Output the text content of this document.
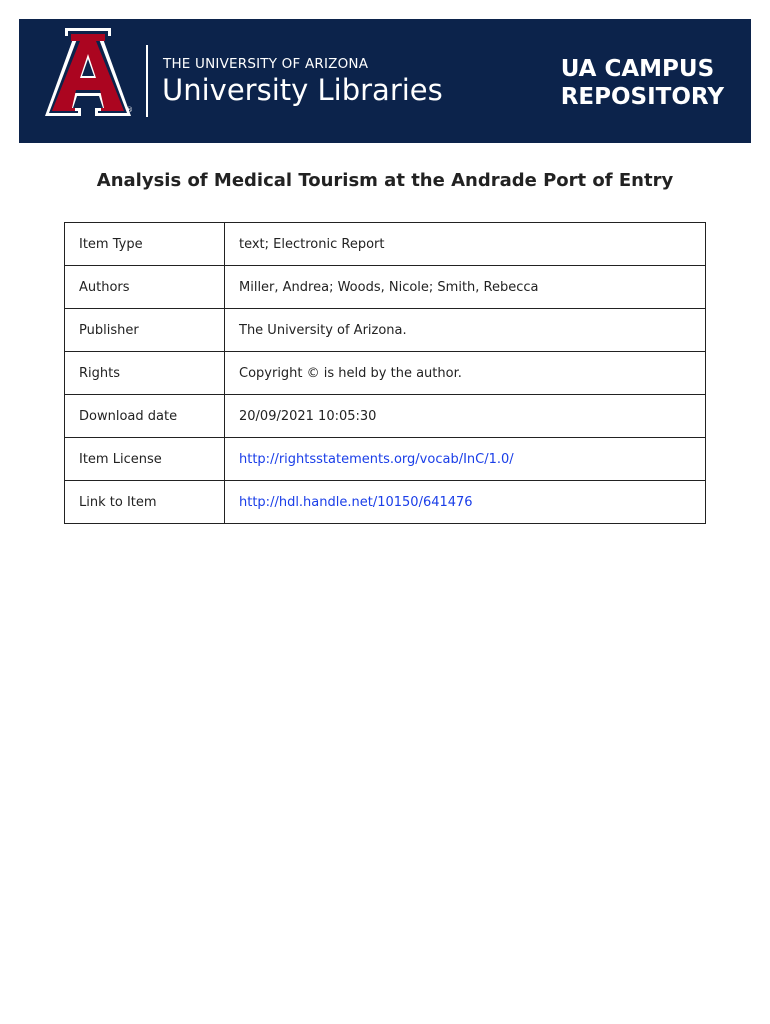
®
THE UNIVERSITY OF ARIZONA
University Libraries
UA CAMPUS
REPOSITORY
Analysis of Medical Tourism at the Andrade Port of Entry
Item Type	text; Electronic Report
Authors	Miller, Andrea; Woods, Nicole; Smith, Rebecca
Publisher	The University of Arizona.
Rights	Copyright © is held by the author.
Download date	20/09/2021 10:05:30
Item License	http://rightsstatements.org/vocab/InC/1.0/
Link to Item	http://hdl.handle.net/10150/641476
